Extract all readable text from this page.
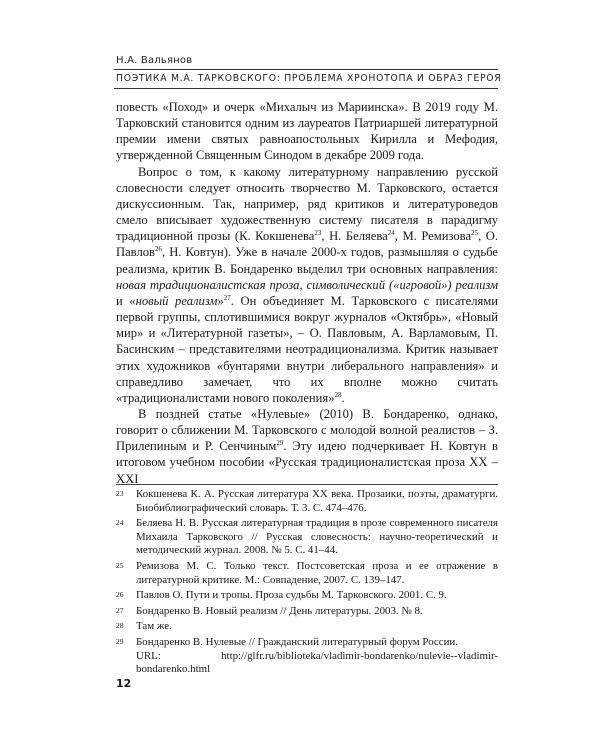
Н.А. Вальянов
ПОЭТИКА М.А. ТАРКОВСКОГО: ПРОБЛЕМА ХРОНОТОПА И ОБРАЗ ГЕРОЯ

повесть «Поход» и очерк «Михалыч из Мариинска». В 2019 году М. Тарковский становится одним из лауреатов Патриаршей литературной премии имени святых равноапостольных Кирилла и Мефодия, утвержденной Священным Синодом в декабре 2009 года.

Вопрос о том, к какому литературному направлению русской словесности следует относить творчество М. Тарковского, остается дискуссионным. Так, например, ряд критиков и литературоведов смело вписывает художественную систему писателя в парадигму традиционной прозы (К. Кокшенева$^{23}$, Н. Беляева$^{24}$, М. Ремизова$^{25}$, О. Павлов$^{26}$, Н. Ковтун). Уже в начале 2000-х годов, размышляя о судьбе реализма, критик В. Бондаренко выделил три основных направления: новая традиционалистская проза, символический («игровой») реализм и «новый реализм»$^{27}$. Он объединяет М. Тарковского с писателями первой группы, сплотившимися вокруг журналов «Октябрь», «Новый мир» и «Литературной газеты», – О. Павловым, А. Варламовым, П. Басинским – представителями неотрадиционализма. Критик называет этих художников «бунтарями внутри либерального направления» и справедливо замечает, что их вполне можно считать «традиционалистами нового поколения»$^{28}$.

В поздней статье «Нулевые» (2010) В. Бондаренко, однако, говорит о сближении М. Тарковского с молодой волной реалистов – З. Прилепиным и Р. Сенчиным$^{29}$. Эту идею подчеркивает Н. Ковтун в итоговом учебном пособии «Русская традиционалистская проза XX – XXI

23 Кокшенева К. А. Русская литература XX века. Прозаики, поэты, драматурги. Биобиблиографический словарь. Т. 3. С. 474–476.
24 Беляева Н. В. Русская литературная традиция в прозе современного писателя Михаила Тарковского // Русская словесность: научно-теоретический и методический журнал. 2008. № 5. С. 41–44.
25 Ремизова М. С. Только текст. Постсоветская проза и ее отражение в литературной критике. М.: Совпадение, 2007. С. 139–147.
26 Павлов О. Пути и тропы. Проза судьбы М. Тарковского. 2001. С. 9.
27 Бондаренко В. Новый реализм // День литературы. 2003. № 8.
28 Там же.
29 Бондаренко В. Нулевые // Гражданский литературный форум России.
URL:	http://glfr.ru/biblioteka/vladimir-bondarenko/nulevie--vladimir-
bondarenko.html
12
